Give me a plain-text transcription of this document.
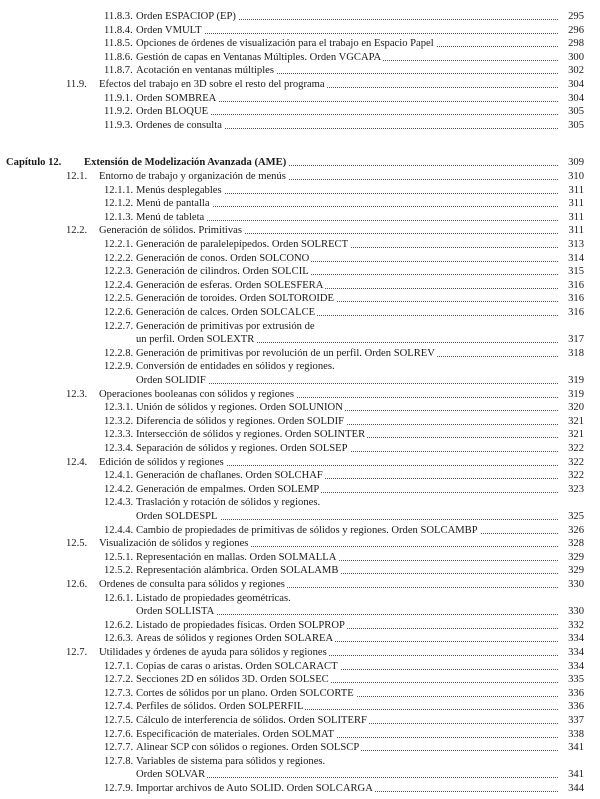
11.8.3. Orden ESPACIOP (EP)	295
11.8.4. Orden VMULT	296
11.8.5. Opciones de órdenes de visualización para el trabajo en Espacio Papel	298
11.8.6. Gestión de capas en Ventanas Múltiples. Orden VGCAPA	300
11.8.7. Acotación en ventanas múltiples	302
11.9. Efectos del trabajo en 3D sobre el resto del programa	304
11.9.1. Orden SOMBREA	304
11.9.2. Orden BLOQUE	305
11.9.3. Ordenes de consulta	305
Capítulo 12. Extensión de Modelización Avanzada (AME)	309
12.1. Entorno de trabajo y organización de menús	310
12.1.1. Menús desplegables	311
12.1.2. Menú de pantalla	311
12.1.3. Menú de tableta	311
12.2. Generación de sólidos. Primitivas	311
12.2.1. Generación de paralelepípedos. Orden SOLRECT	313
12.2.2. Generación de conos. Orden SOLCONO	314
12.2.3. Generación de cilindros. Orden SOLCIL	315
12.2.4. Generación de esferas. Orden SOLESFERA	316
12.2.5. Generación de toroides. Orden SOLTOROIDE	316
12.2.6. Generación de calces. Orden SOLCALCE	316
12.2.7. Generación de primitivas por extrusión de
un perfil. Orden SOLEXTR	317
12.2.8. Generación de primitivas por revolución de un perfil. Orden SOLREV	318
12.2.9. Conversión de entidades en sólidos y regiones.
Orden SOLIDIF	319
12.3. Operaciones booleanas con sólidos y regiones	319
12.3.1. Unión de sólidos y regiones. Orden SOLUNION	320
12.3.2. Diferencia de sólidos y regiones. Orden SOLDIF	321
12.3.3. Intersección de sólidos y regiones. Orden SOLINTER	321
12.3.4. Separación de sólidos y regiones. Orden SOLSEP	322
12.4. Edición de sólidos y regiones	322
12.4.1. Generación de chaflanes. Orden SOLCHAF	322
12.4.2. Generación de empalmes. Orden SOLEMP	323
12.4.3. Traslación y rotación de sólidos y regiones.
Orden SOLDESPL	325
12.4.4. Cambio de propiedades de primitivas de sólidos y regiones. Orden SOLCAMBP	326
12.5. Visualización de sólidos y regiones	328
12.5.1. Representación en mallas. Orden SOLMALLA	329
12.5.2. Representación alámbrica. Orden SOLALAMB	329
12.6. Ordenes de consulta para sólidos y regiones	330
12.6.1. Listado de propiedades geométricas.
Orden SOLLISTA	330
12.6.2. Listado de propiedades físicas. Orden SOLPROP	332
12.6.3. Areas de sólidos y regiones Orden SOLAREA	334
12.7. Utilidades y órdenes de ayuda para sólidos y regiones	334
12.7.1. Copias de caras o aristas. Orden SOLCARACT	334
12.7.2. Secciones 2D en sólidos 3D. Orden SOLSEC	335
12.7.3. Cortes de sólidos por un plano. Orden SOLCORTE	336
12.7.4. Perfiles de sólidos. Orden SOLPERFIL	336
12.7.5. Cálculo de interferencia de sólidos. Orden SOLITERF	337
12.7.6. Especificación de materiales. Orden SOLMAT	338
12.7.7. Alinear SCP con sólidos o regiones. Orden SOLSCP	341
12.7.8. Variables de sistema para sólidos y regiones.
Orden SOLVAR	341
12.7.9. Importar archivos de Auto SOLID. Orden SOLCARGA	344
